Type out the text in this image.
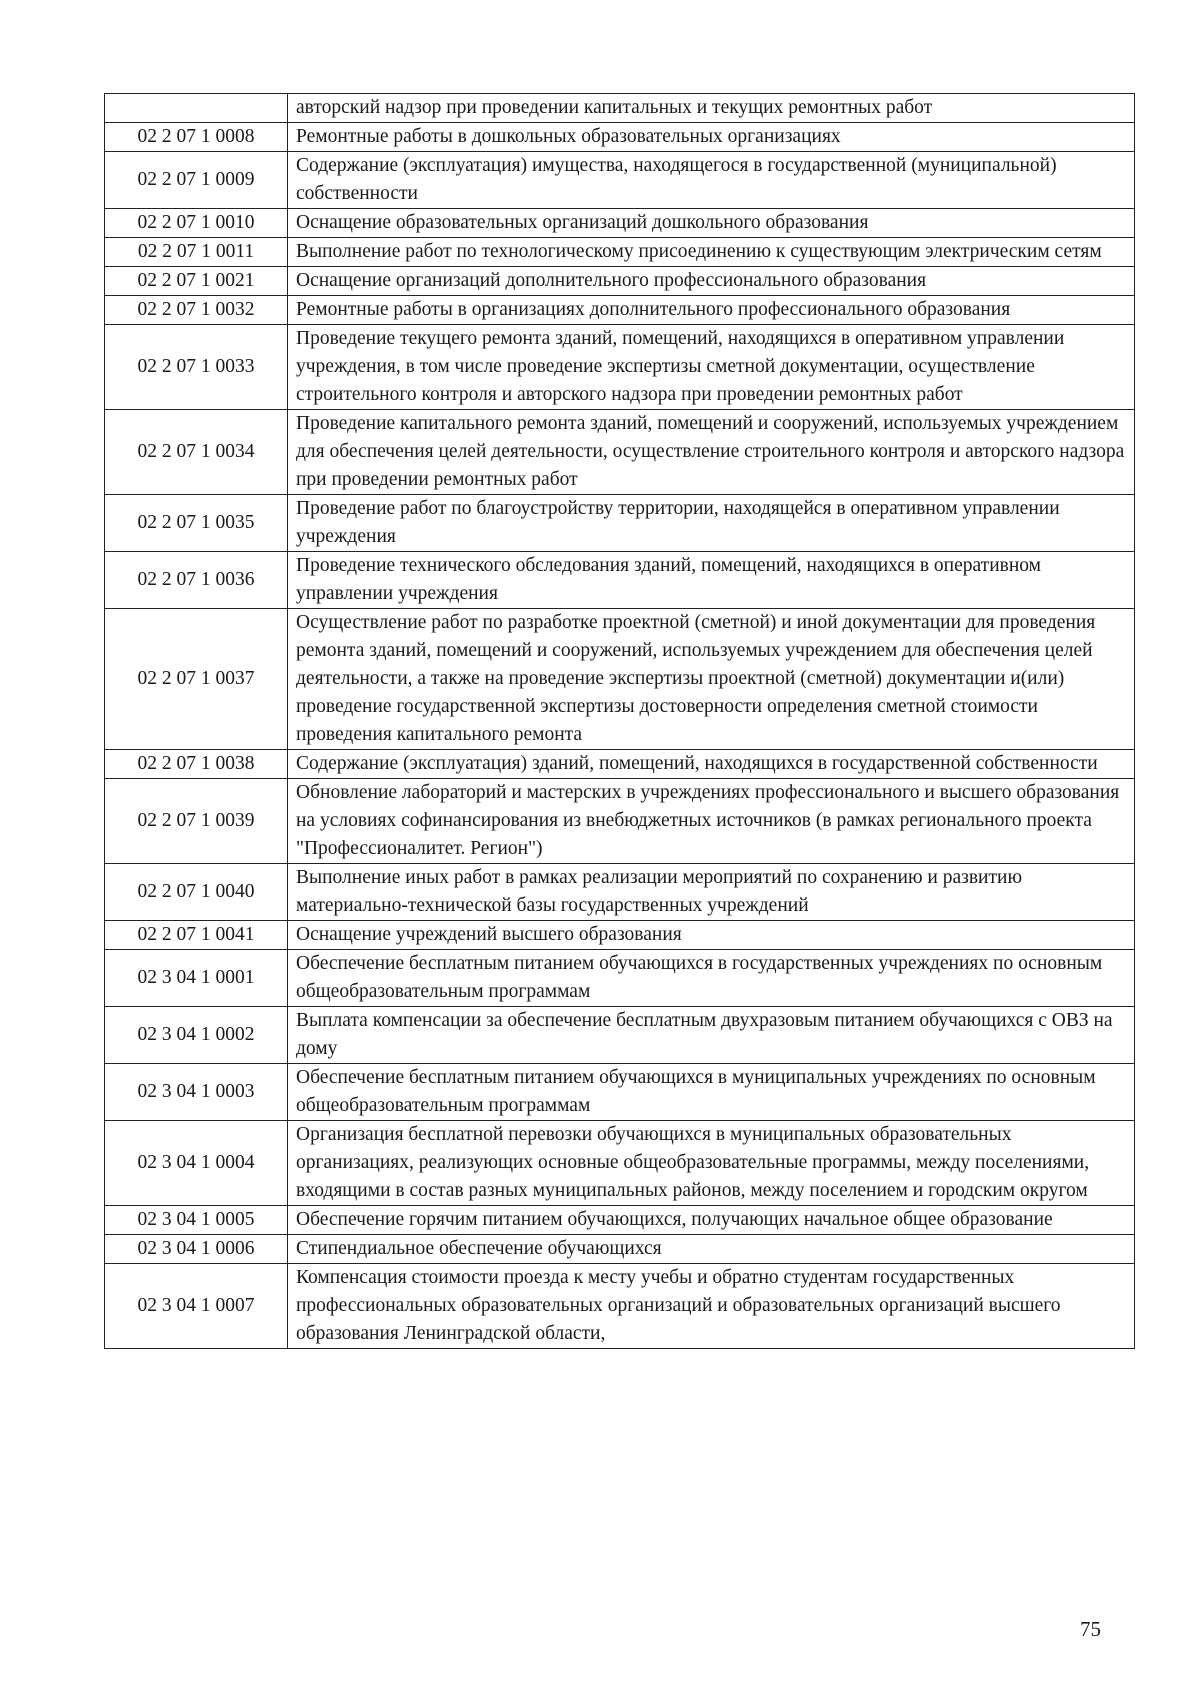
	авторский надзор при проведении капитальных и текущих ремонтных работ
02 2 07 1 0008	Ремонтные работы в дошкольных образовательных организациях
02 2 07 1 0009	Содержание (эксплуатация) имущества, находящегося в государственной (муниципальной) собственности
02 2 07 1 0010	Оснащение образовательных организаций дошкольного образования
02 2 07 1 0011	Выполнение работ по технологическому присоединению к существующим электрическим сетям
02 2 07 1 0021	Оснащение организаций дополнительного профессионального образования
02 2 07 1 0032	Ремонтные работы в организациях дополнительного профессионального образования
02 2 07 1 0033	Проведение текущего ремонта зданий, помещений, находящихся в оперативном управлении учреждения, в том числе проведение экспертизы сметной документации, осуществление строительного контроля и авторского надзора при проведении ремонтных работ
02 2 07 1 0034	Проведение капитального ремонта зданий, помещений и сооружений, используемых учреждением для обеспечения целей деятельности, осуществление строительного контроля и авторского надзора при проведении ремонтных работ
02 2 07 1 0035	Проведение работ по благоустройству территории, находящейся в оперативном управлении учреждения
02 2 07 1 0036	Проведение технического обследования зданий, помещений, находящихся в оперативном управлении учреждения
02 2 07 1 0037	Осуществление работ по разработке проектной (сметной) и иной документации для проведения ремонта зданий, помещений и сооружений, используемых учреждением для обеспечения целей деятельности, а также на проведение экспертизы проектной (сметной) документации и(или) проведение государственной экспертизы достоверности определения сметной стоимости проведения капитального ремонта
02 2 07 1 0038	Содержание (эксплуатация) зданий, помещений, находящихся в государственной собственности
02 2 07 1 0039	Обновление лабораторий и мастерских в учреждениях профессионального и высшего образования на условиях софинансирования из внебюджетных источников (в рамках регионального проекта "Профессионалитет. Регион")
02 2 07 1 0040	Выполнение иных работ в рамках реализации мероприятий по сохранению и развитию материально-технической базы государственных учреждений
02 2 07 1 0041	Оснащение учреждений высшего образования
02 3 04 1 0001	Обеспечение бесплатным питанием обучающихся в государственных учреждениях по основным общеобразовательным программам
02 3 04 1 0002	Выплата компенсации за обеспечение бесплатным двухразовым питанием обучающихся с ОВЗ на дому
02 3 04 1 0003	Обеспечение бесплатным питанием обучающихся в муниципальных учреждениях по основным общеобразовательным программам
02 3 04 1 0004	Организация бесплатной перевозки обучающихся в муниципальных образовательных организациях, реализующих основные общеобразовательные программы, между поселениями, входящими в состав разных муниципальных районов, между поселением и городским округом
02 3 04 1 0005	Обеспечение горячим питанием обучающихся, получающих начальное общее образование
02 3 04 1 0006	Стипендиальное обеспечение обучающихся
02 3 04 1 0007	Компенсация стоимости проезда к месту учебы и обратно студентам государственных профессиональных образовательных организаций и образовательных организаций высшего образования Ленинградской области,
75
